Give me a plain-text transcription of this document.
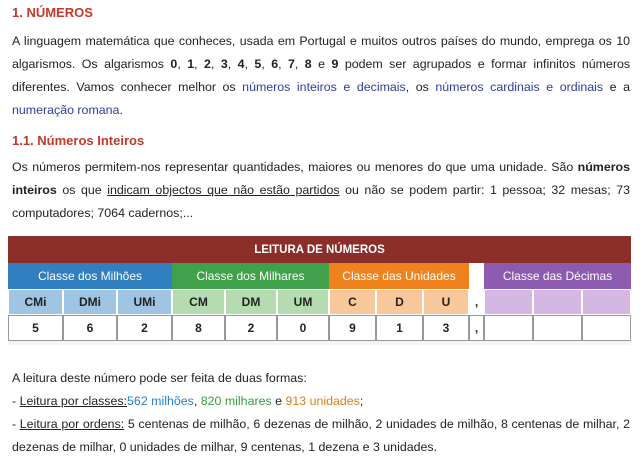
1. NÚMEROS
A linguagem matemática que conheces, usada em Portugal e muitos outros países do mundo, emprega os 10 algarismos. Os algarismos 0, 1, 2, 3, 4, 5, 6, 7, 8 e 9 podem ser agrupados e formar infinitos números diferentes. Vamos conhecer melhor os números inteiros e decimais, os números cardinais e ordinais e a numeração romana.
1.1. Números Inteiros
Os números permitem-nos representar quantidades, maiores ou menores do que uma unidade. São números inteiros os que indicam objectos que não estão partidos ou não se podem partir: 1 pessoa; 32 mesas; 73 computadores; 7064 cadernos;...
LEITURA DE NÚMEROS
Classe dos Milhões	Classe dos Milhares	Classe das Unidades	Classe das Décimas
CMi	DMi	UMi	CM	DM	UM	C	D	U	,
5	6	2	8	2	0	9	1	3	,
A leitura deste número pode ser feita de duas formas:
- Leitura por classes:562 milhões, 820 milhares e 913 unidades;
- Leitura por ordens: 5 centenas de milhão, 6 dezenas de milhão, 2 unidades de milhão, 8 centenas de milhar, 2 dezenas de milhar, 0 unidades de milhar, 9 centenas, 1 dezena e 3 unidades.
